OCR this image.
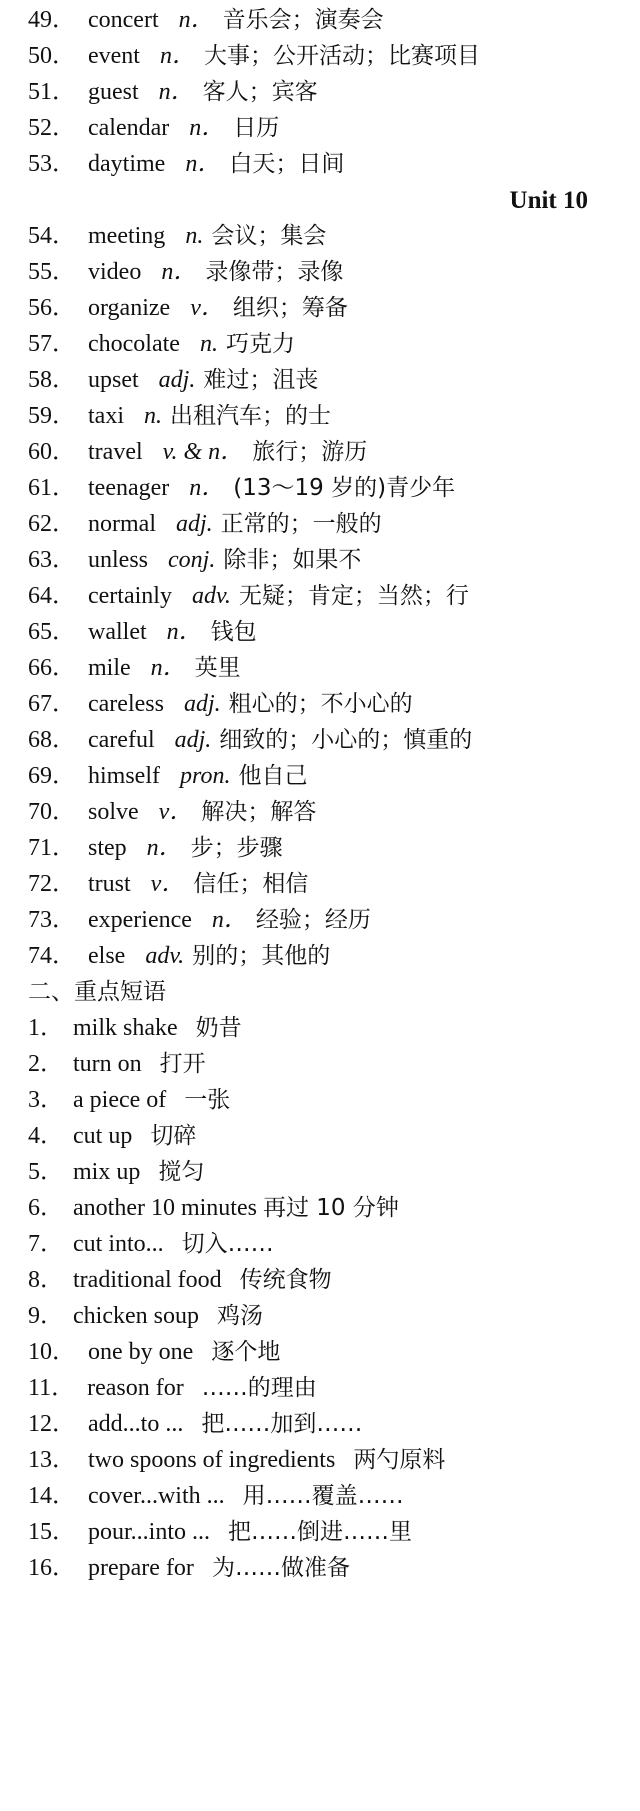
49． concert n． 音乐会；演奏会
50． event n． 大事；公开活动；比赛项目
51． guest n． 客人；宾客
52． calendar n． 日历
53． daytime n． 白天；日间
Unit 10
54． meeting n. 会议；集会
55． video n． 录像带；录像
56． organize v． 组织；筹备
57． chocolate n. 巧克力
58． upset adj. 难过；沮丧
59． taxi n. 出租汽车；的士
60． travel v. & n． 旅行；游历
61． teenager n． (13～19 岁的)青少年
62． normal adj. 正常的；一般的
63． unless conj. 除非；如果不
64． certainly adv. 无疑；肯定；当然；行
65． wallet n． 钱包
66． mile n． 英里
67． careless adj. 粗心的；不小心的
68． careful adj. 细致的；小心的；慎重的
69． himself pron. 他自己
70． solve v． 解决；解答
71． step n． 步；步骤
72． trust v． 信任；相信
73． experience n． 经验；经历
74． else adv. 别的；其他的
二、重点短语
1． milk shake 奶昔
2． turn on 打开
3． a piece of 一张
4． cut up 切碎
5． mix up 搅匀
6． another 10 minutes 再过 10 分钟
7． cut into... 切入……
8． traditional food 传统食物
9． chicken soup 鸡汤
10． one by one 逐个地
11． reason for ……的理由
12． add...to ... 把……加到……
13． two spoons of ingredients 两勺原料
14． cover...with ... 用……覆盖……
15． pour...into ... 把……倒进……里
16． prepare for 为……做准备
